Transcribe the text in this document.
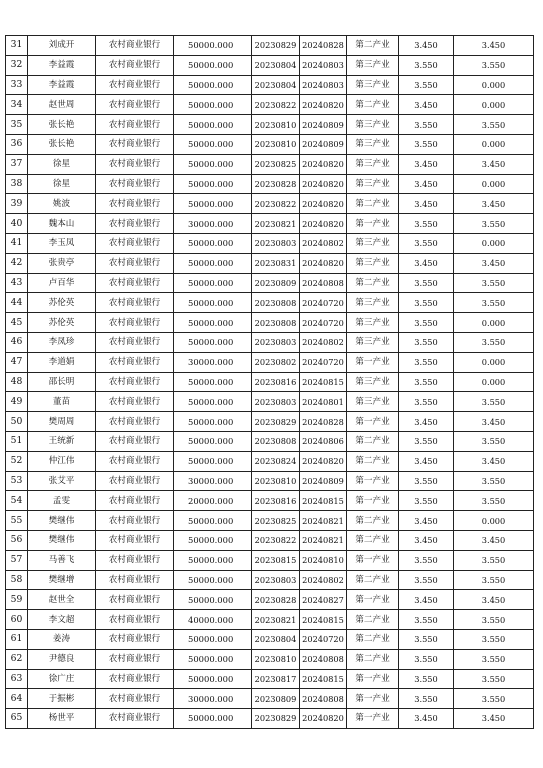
31	刘成开	农村商业银行	50000.000	20230829	20240828	第二产业	3.450	3.450
32	李益霞	农村商业银行	50000.000	20230804	20240803	第三产业	3.550	3.550
33	李益霞	农村商业银行	50000.000	20230804	20240803	第三产业	3.550	0.000
34	赵世周	农村商业银行	50000.000	20230822	20240820	第二产业	3.450	0.000
35	张长艳	农村商业银行	50000.000	20230810	20240809	第三产业	3.550	3.550
36	张长艳	农村商业银行	50000.000	20230810	20240809	第三产业	3.550	0.000
37	徐星	农村商业银行	50000.000	20230825	20240820	第三产业	3.450	3.450
38	徐星	农村商业银行	50000.000	20230828	20240820	第三产业	3.450	0.000
39	姚波	农村商业银行	50000.000	20230822	20240820	第二产业	3.450	3.450
40	魏本山	农村商业银行	30000.000	20230821	20240820	第一产业	3.550	3.550
41	李玉凤	农村商业银行	50000.000	20230803	20240802	第三产业	3.550	0.000
42	张贵亭	农村商业银行	50000.000	20230831	20240820	第三产业	3.450	3.450
43	卢百华	农村商业银行	50000.000	20230809	20240808	第二产业	3.550	3.550
44	苏伦英	农村商业银行	50000.000	20230808	20240720	第三产业	3.550	3.550
45	苏伦英	农村商业银行	50000.000	20230808	20240720	第三产业	3.550	0.000
46	李凤珍	农村商业银行	50000.000	20230803	20240802	第三产业	3.550	3.550
47	李道娟	农村商业银行	30000.000	20230802	20240720	第一产业	3.550	0.000
48	邵长明	农村商业银行	50000.000	20230816	20240815	第三产业	3.550	0.000
49	董苗	农村商业银行	50000.000	20230803	20240801	第三产业	3.550	3.550
50	樊周周	农村商业银行	50000.000	20230829	20240828	第一产业	3.450	3.450
51	王统新	农村商业银行	50000.000	20230808	20240806	第二产业	3.550	3.550
52	仲江伟	农村商业银行	50000.000	20230824	20240820	第二产业	3.450	3.450
53	张艾平	农村商业银行	30000.000	20230810	20240809	第一产业	3.550	3.550
54	孟雯	农村商业银行	20000.000	20230816	20240815	第一产业	3.550	3.550
55	樊继伟	农村商业银行	50000.000	20230825	20240821	第二产业	3.450	0.000
56	樊继伟	农村商业银行	50000.000	20230822	20240821	第二产业	3.450	3.450
57	马善飞	农村商业银行	50000.000	20230815	20240810	第一产业	3.550	3.550
58	樊继增	农村商业银行	50000.000	20230803	20240802	第二产业	3.550	3.550
59	赵世全	农村商业银行	50000.000	20230828	20240827	第一产业	3.450	3.450
60	李文超	农村商业银行	40000.000	20230821	20240815	第二产业	3.550	3.550
61	姜涛	农村商业银行	50000.000	20230804	20240720	第二产业	3.550	3.550
62	尹德良	农村商业银行	50000.000	20230810	20240808	第二产业	3.550	3.550
63	徐广庄	农村商业银行	50000.000	20230817	20240815	第一产业	3.550	3.550
64	于振彬	农村商业银行	30000.000	20230809	20240808	第一产业	3.550	3.550
65	杨世平	农村商业银行	50000.000	20230829	20240820	第一产业	3.450	3.450
